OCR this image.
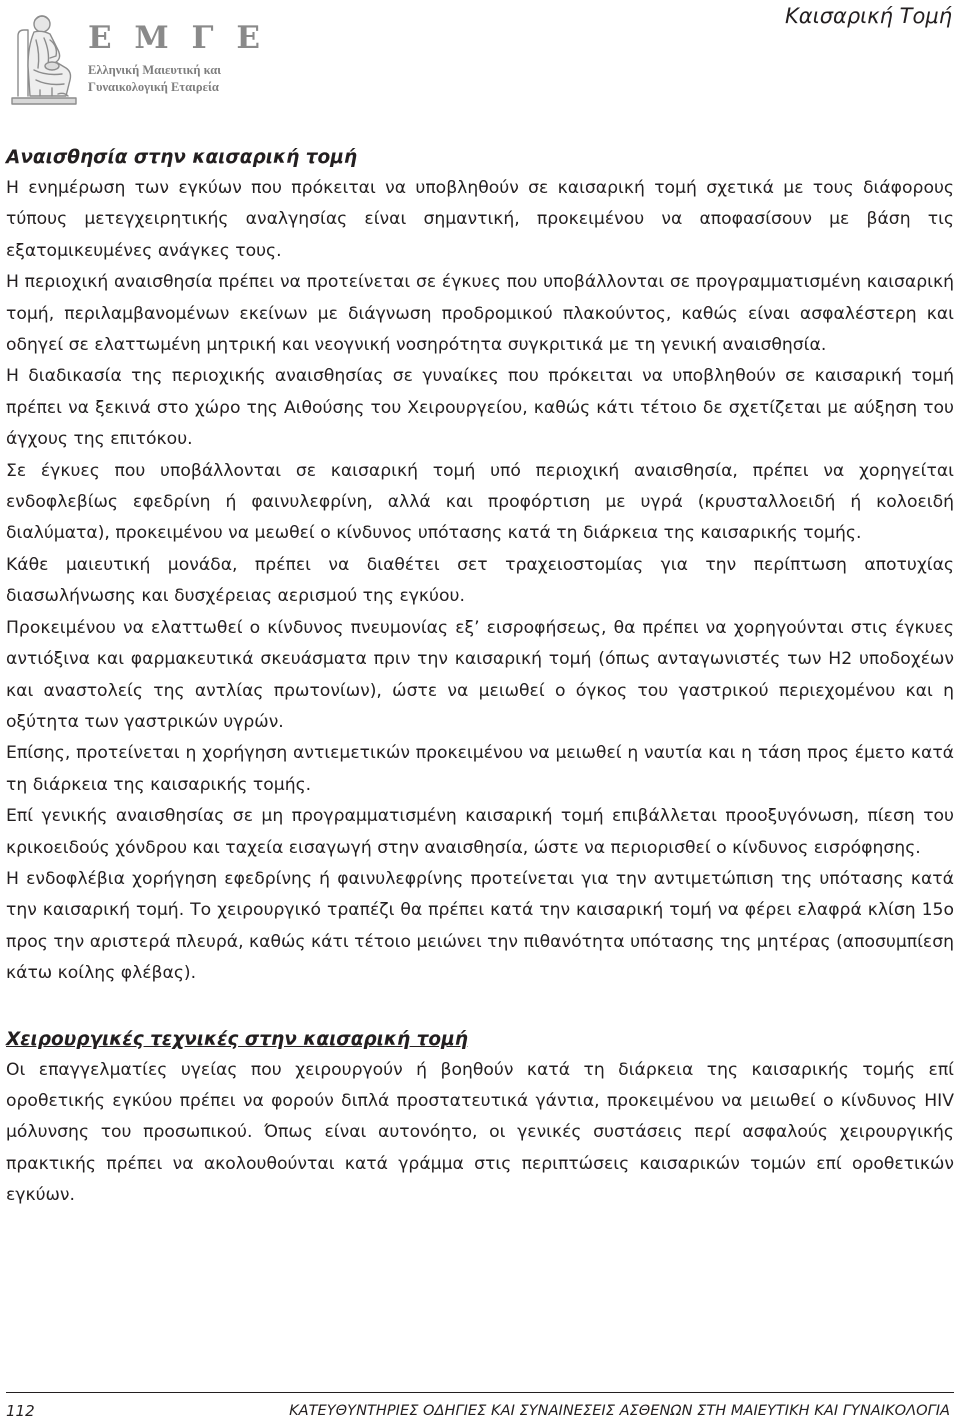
Ε Μ Γ Ε
Ελληνική Μαιευτική και
Γυναικολογική Εταιρεία
Καισαρική Τομή
Αναισθησία στην καισαρική τομή

Η ενημέρωση των εγκύων που πρόκειται να υποβληθούν σε καισαρική τομή σχετικά με τους διάφορους τύπους μετεγχειρητικής αναλγησίας είναι σημαντική, προκειμένου να αποφασίσουν με βάση τις εξατομικευμένες ανάγκες τους.

Η περιοχική αναισθησία πρέπει να προτείνεται σε έγκυες που υποβάλλονται σε προγραμματισμένη καισαρική τομή, περιλαμβανομένων εκείνων με διάγνωση προδρομικού πλακούντος, καθώς είναι ασφαλέστερη και οδηγεί σε ελαττωμένη μητρική και νεογνική νοσηρότητα συγκριτικά με τη γενική αναισθησία.

Η διαδικασία της περιοχικής αναισθησίας σε γυναίκες που πρόκειται να υποβληθούν σε καισαρική τομή πρέπει να ξεκινά στο χώρο της Αιθούσης του Χειρουργείου, καθώς κάτι τέτοιο δε σχετίζεται με αύξηση του άγχους της επιτόκου.

Σε έγκυες που υποβάλλονται σε καισαρική τομή υπό περιοχική αναισθησία, πρέπει να χορηγείται ενδοφλεβίως εφεδρίνη ή φαινυλεφρίνη, αλλά και προφόρτιση με υγρά (κρυσταλλοειδή ή κολοειδή διαλύματα), προκειμένου να μεωθεί ο κίνδυνος υπότασης κατά τη διάρκεια της καισαρικής τομής.

Κάθε μαιευτική μονάδα, πρέπει να διαθέτει σετ τραχειοστομίας για την περίπτωση αποτυχίας διασωλήνωσης και δυσχέρειας αερισμού της εγκύου.

Προκειμένου να ελαττωθεί ο κίνδυνος πνευμονίας εξ’ εισροφήσεως, θα πρέπει να χορηγούνται στις έγκυες αντιόξινα και φαρμακευτικά σκευάσματα πριν την καισαρική τομή (όπως ανταγωνιστές των Η2 υποδοχέων και αναστολείς της αντλίας πρωτονίων), ώστε να μειωθεί ο όγκος του γαστρικού περιεχομένου και η οξύτητα των γαστρικών υγρών.

Επίσης, προτείνεται η χορήγηση αντιεμετικών προκειμένου να μειωθεί η ναυτία και η τάση προς έμετο κατά τη διάρκεια της καισαρικής τομής.

Επί γενικής αναισθησίας σε μη προγραμματισμένη καισαρική τομή επιβάλλεται προοξυγόνωση, πίεση του κρικοειδούς χόνδρου και ταχεία εισαγωγή στην αναισθησία, ώστε να περιορισθεί ο κίνδυνος εισρόφησης.

Η ενδοφλέβια χορήγηση εφεδρίνης ή φαινυλεφρίνης προτείνεται για την αντιμετώπιση της υπότασης κατά την καισαρική τομή. Το χειρουργικό τραπέζι θα πρέπει κατά την καισαρική τομή να φέρει ελαφρά κλίση 15ο προς την αριστερά πλευρά, καθώς κάτι τέτοιο μειώνει την πιθανότητα υπότασης της μητέρας (αποσυμπίεση κάτω κοίλης φλέβας).

Χειρουργικές τεχνικές στην καισαρική τομή

Οι επαγγελματίες υγείας που χειρουργούν ή βοηθούν κατά τη διάρκεια της καισαρικής τομής επί οροθετικής εγκύου πρέπει να φορούν διπλά προστατευτικά γάντια, προκειμένου να μειωθεί ο κίνδυνος HIV μόλυνσης του προσωπικού. Όπως είναι αυτονόητο, οι γενικές συστάσεις περί ασφαλούς χειρουργικής πρακτικής πρέπει να ακολουθούνται κατά γράμμα στις περιπτώσεις καισαρικών τομών επί οροθετικών εγκύων.

112	ΚΑΤΕΥΘΥΝΤΗΡΙΕΣ ΟΔΗΓΙΕΣ ΚΑΙ ΣΥΝΑΙΝΕΣΕΙΣ ΑΣΘΕΝΩΝ ΣΤΗ ΜΑΙΕΥΤΙΚΗ ΚΑΙ ΓΥΝΑΙΚΟΛΟΓΙΑ
